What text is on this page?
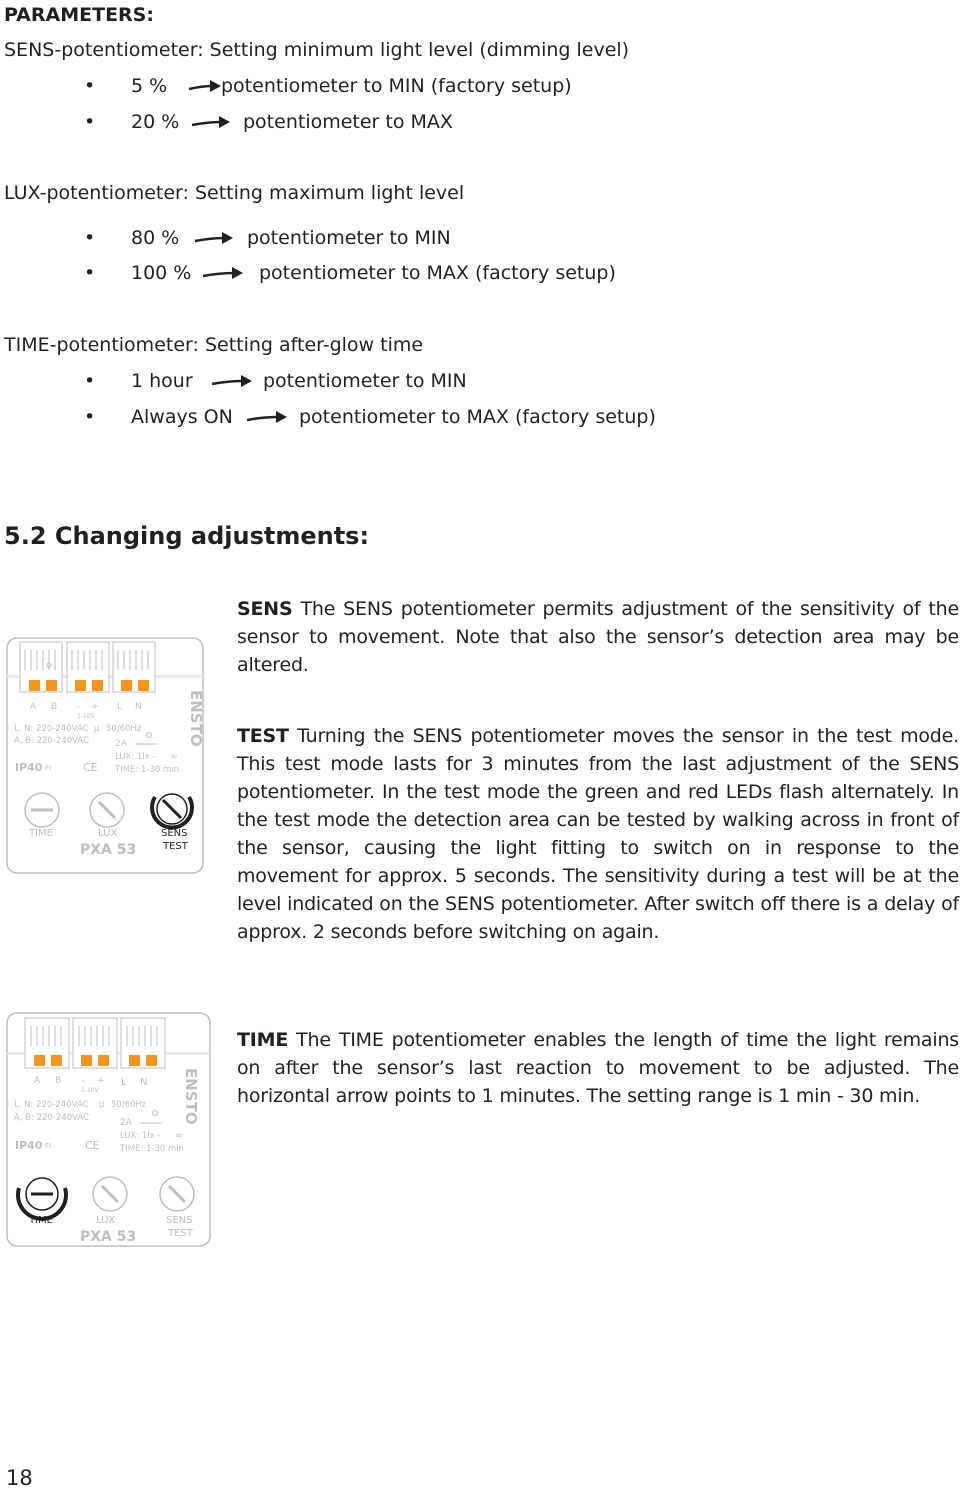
PARAMETERS:
SENS-potentiometer: Setting minimum light level (dimming level)
• 5 %	potentiometer to MIN (factory setup)
• 20 %	potentiometer to MAX
LUX-potentiometer: Setting maximum light level
• 80 %	potentiometer to MIN
• 100 %	potentiometer to MAX (factory setup)
TIME-potentiometer: Setting after-glow time
• 1 hour	potentiometer to MIN
• Always ON	potentiometer to MAX (factory setup)
5.2 Changing adjustments:
SENS The SENS potentiometer permits adjustment of the sensitivity of the sensor to movement. Note that also the sensor’s detection area may be altered.
TEST Turning the SENS potentiometer moves the sensor in the test mode. This test mode lasts for 3 minutes from the last adjustment of the SENS potentiometer. In the test mode the green and red LEDs flash alternately. In the test mode the detection area can be tested by walking across in front of the sensor, causing the light fitting to switch on in response to the movement for approx. 5 seconds. The sensitivity during a test will be at the level indicated on the SENS potentiometer. After switch off there is a delay of approx. 2 seconds before switching on again.
TIME The TIME potentiometer enables the length of time the light remains on after the sensor’s last reaction to movement to be adjusted. The horizontal arrow points to 1 minutes. The setting range is 1 min - 30 min.
A B - + L N
1-10V
L, N: 220-240VAC
A, B: 220-240VAC
μ 50/60Hz
2A
LUX: 1lx - ∞
TIME: 1-30 min
IP40 FI	CE
TIME	LUX
PXA 53
ENSTO
SENS
TEST
A B - + L N
1-10V
L, N: 220-240VAC
A, B: 220-240VAC
μ 50/60Hz
2A
LUX: 1lx - ∞
TIME: 1-30 min
IP40 FI	CE
LUX	SENS
TEST
PXA 53
ENSTO
TIME
18
